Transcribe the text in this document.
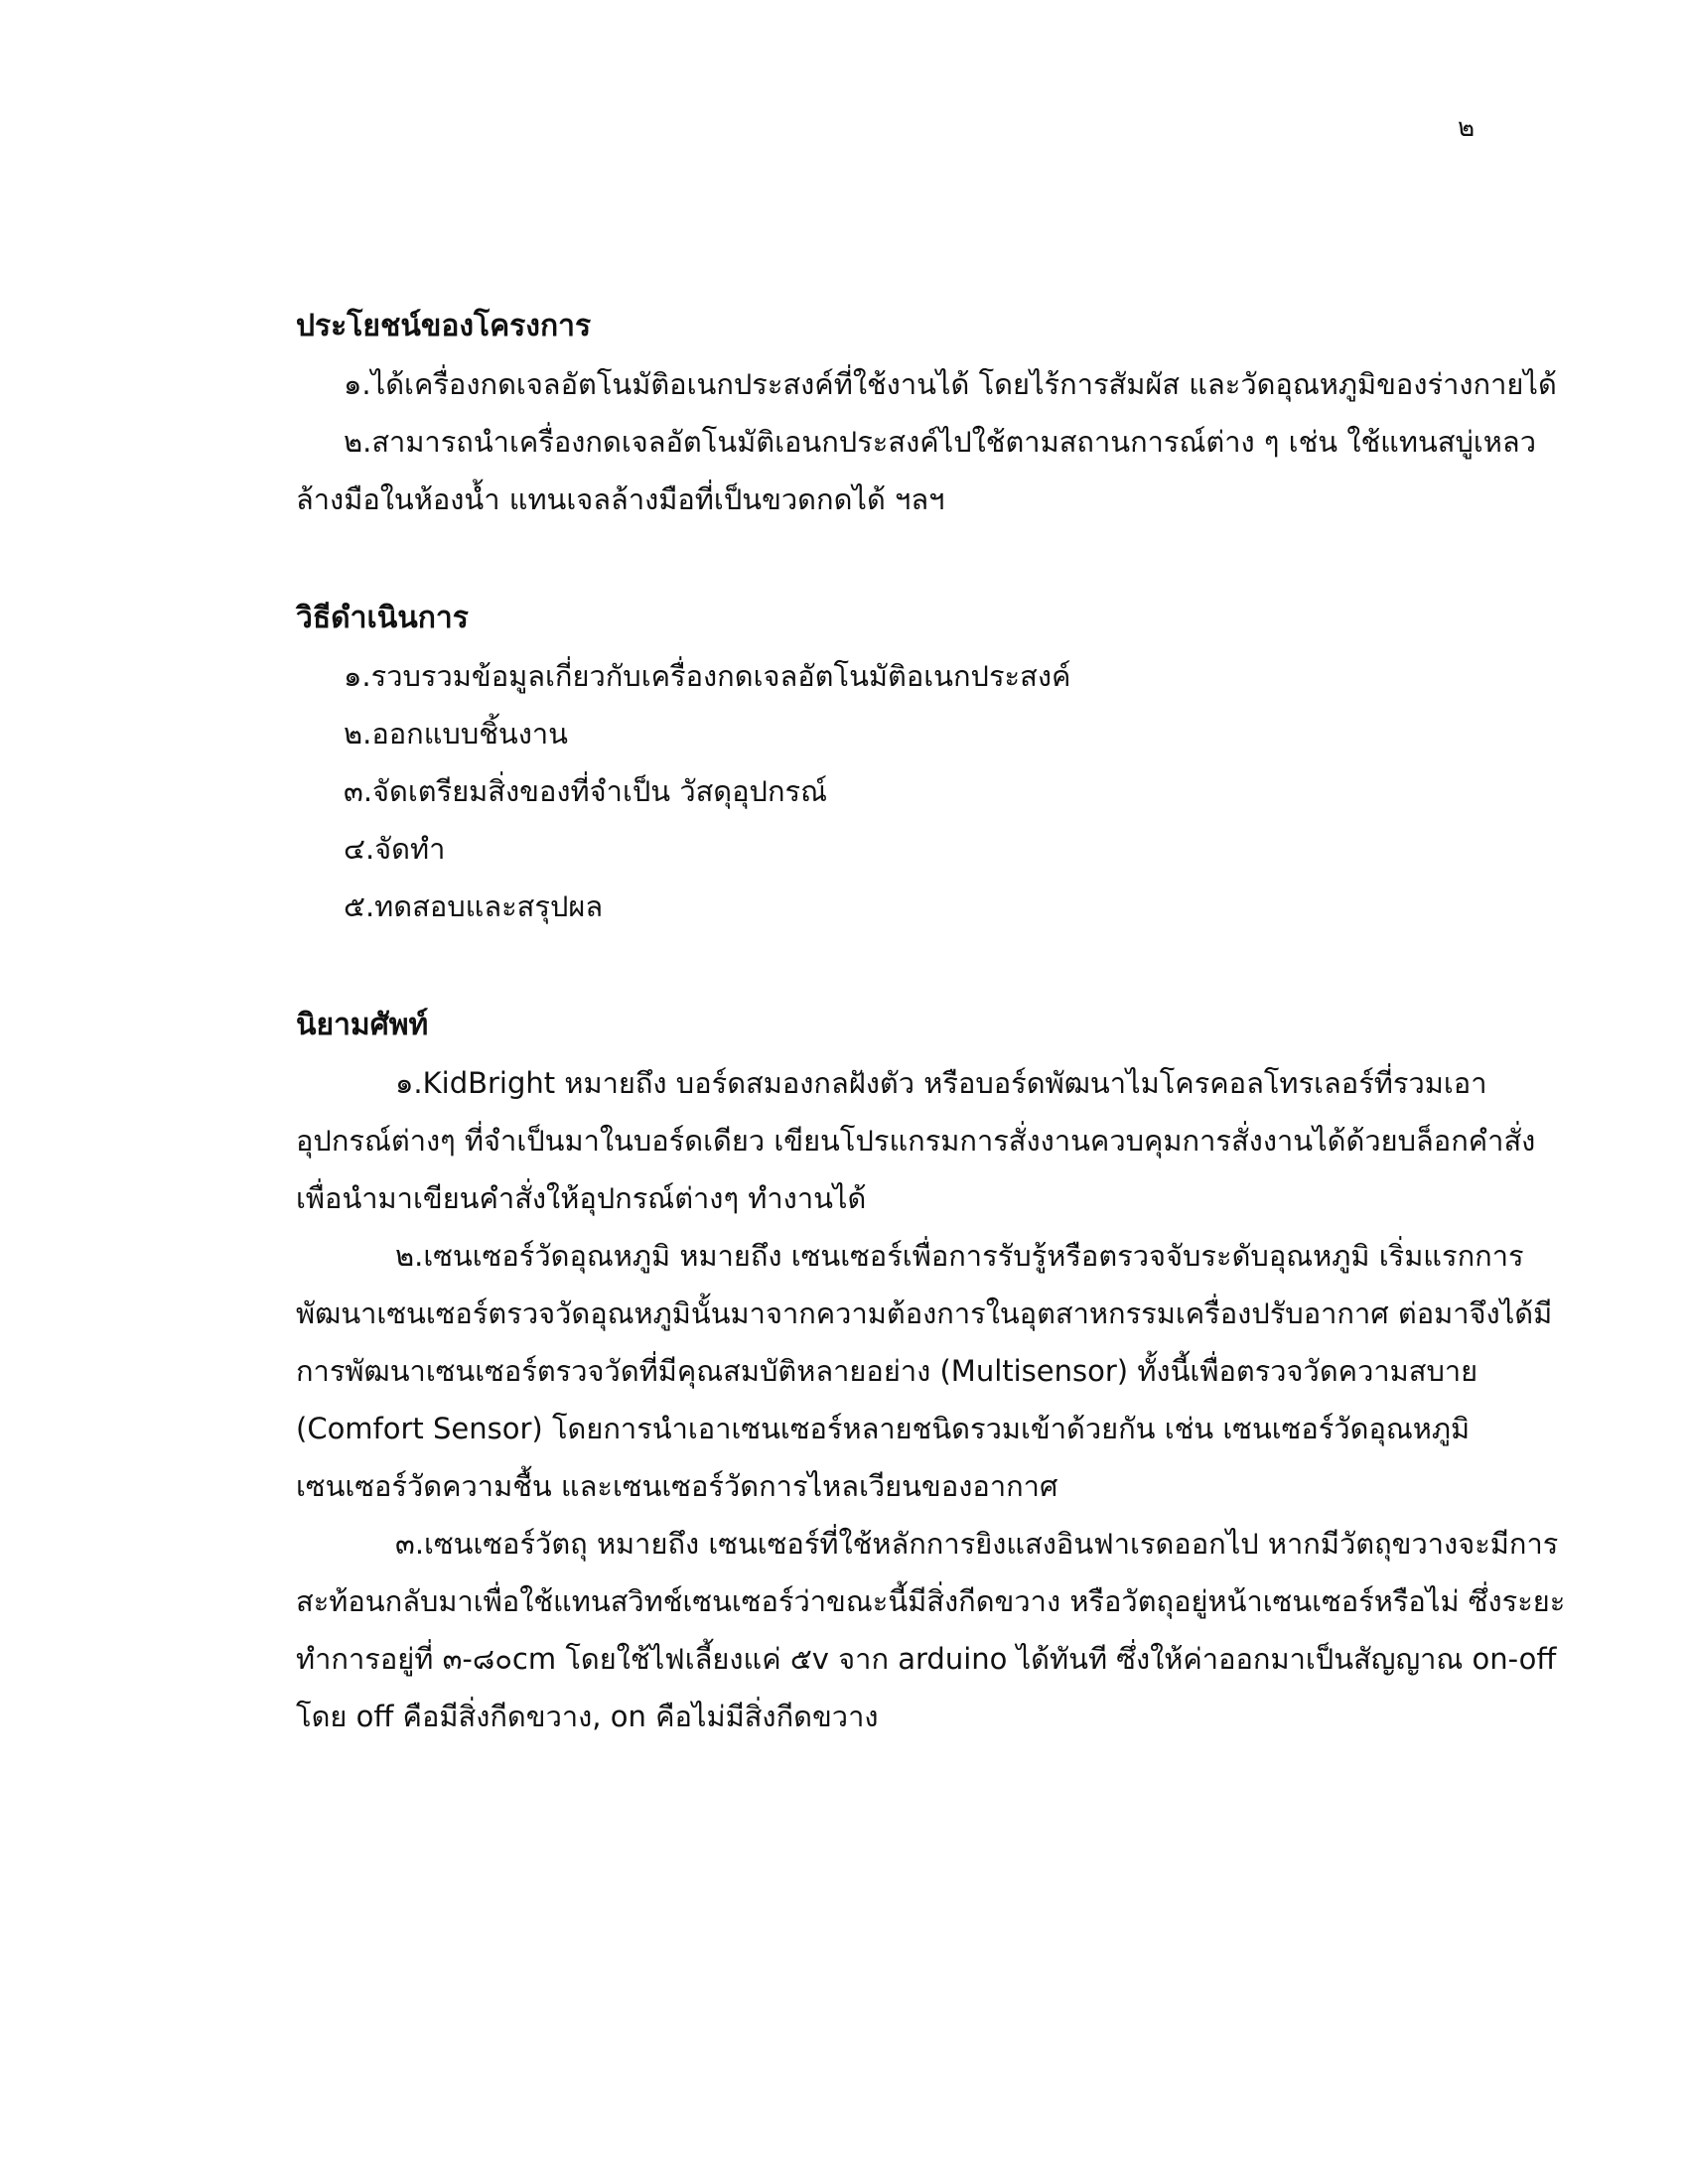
๒

ประโยชน์ของโครงการ

๑.ได้เครื่องกดเจลอัตโนมัติอเนกประสงค์ที่ใช้งานได้ โดยไร้การสัมผัส และวัดอุณหภูมิของร่างกายได้

๒.สามารถนำเครื่องกดเจลอัตโนมัติเอนกประสงค์ไปใช้ตามสถานการณ์ต่าง ๆ เช่น ใช้แทนสบู่เหลว

ล้างมือในห้องน้ำ แทนเจลล้างมือที่เป็นขวดกดได้ ฯลฯ

วิธีดำเนินการ

๑.รวบรวมข้อมูลเกี่ยวกับเครื่องกดเจลอัตโนมัติอเนกประสงค์

๒.ออกแบบชิ้นงาน

๓.จัดเตรียมสิ่งของที่จำเป็น วัสดุอุปกรณ์

๔.จัดทำ

๕.ทดสอบและสรุปผล

นิยามศัพท์

๑.KidBright หมายถึง บอร์ดสมองกลฝังตัว หรือบอร์ดพัฒนาไมโครคอลโทรเลอร์ที่รวมเอา

อุปกรณ์ต่างๆ ที่จำเป็นมาในบอร์ดเดียว เขียนโปรแกรมการสั่งงานควบคุมการสั่งงานได้ด้วยบล็อกคำสั่ง

เพื่อนำมาเขียนคำสั่งให้อุปกรณ์ต่างๆ ทำงานได้

๒.เซนเซอร์วัดอุณหภูมิ หมายถึง เซนเซอร์เพื่อการรับรู้หรือตรวจจับระดับอุณหภูมิ เริ่มแรกการ

พัฒนาเซนเซอร์ตรวจวัดอุณหภูมินั้นมาจากความต้องการในอุตสาหกรรมเครื่องปรับอากาศ ต่อมาจึงได้มี

การพัฒนาเซนเซอร์ตรวจวัดที่มีคุณสมบัติหลายอย่าง (Multisensor) ทั้งนี้เพื่อตรวจวัดความสบาย

(Comfort Sensor) โดยการนำเอาเซนเซอร์หลายชนิดรวมเข้าด้วยกัน เช่น เซนเซอร์วัดอุณหภูมิ

เซนเซอร์วัดความชื้น และเซนเซอร์วัดการไหลเวียนของอากาศ

๓.เซนเซอร์วัตถุ หมายถึง เซนเซอร์ที่ใช้หลักการยิงแสงอินฟาเรดออกไป หากมีวัตถุขวางจะมีการ

สะท้อนกลับมาเพื่อใช้แทนสวิทช์เซนเซอร์ว่าขณะนี้มีสิ่งกีดขวาง หรือวัตถุอยู่หน้าเซนเซอร์หรือไม่ ซึ่งระยะ

ทำการอยู่ที่ ๓-๘๐cm โดยใช้ไฟเลี้ยงแค่ ๕v จาก arduino ได้ทันที ซึ่งให้ค่าออกมาเป็นสัญญาณ on-off

โดย off คือมีสิ่งกีดขวาง, on คือไม่มีสิ่งกีดขวาง
